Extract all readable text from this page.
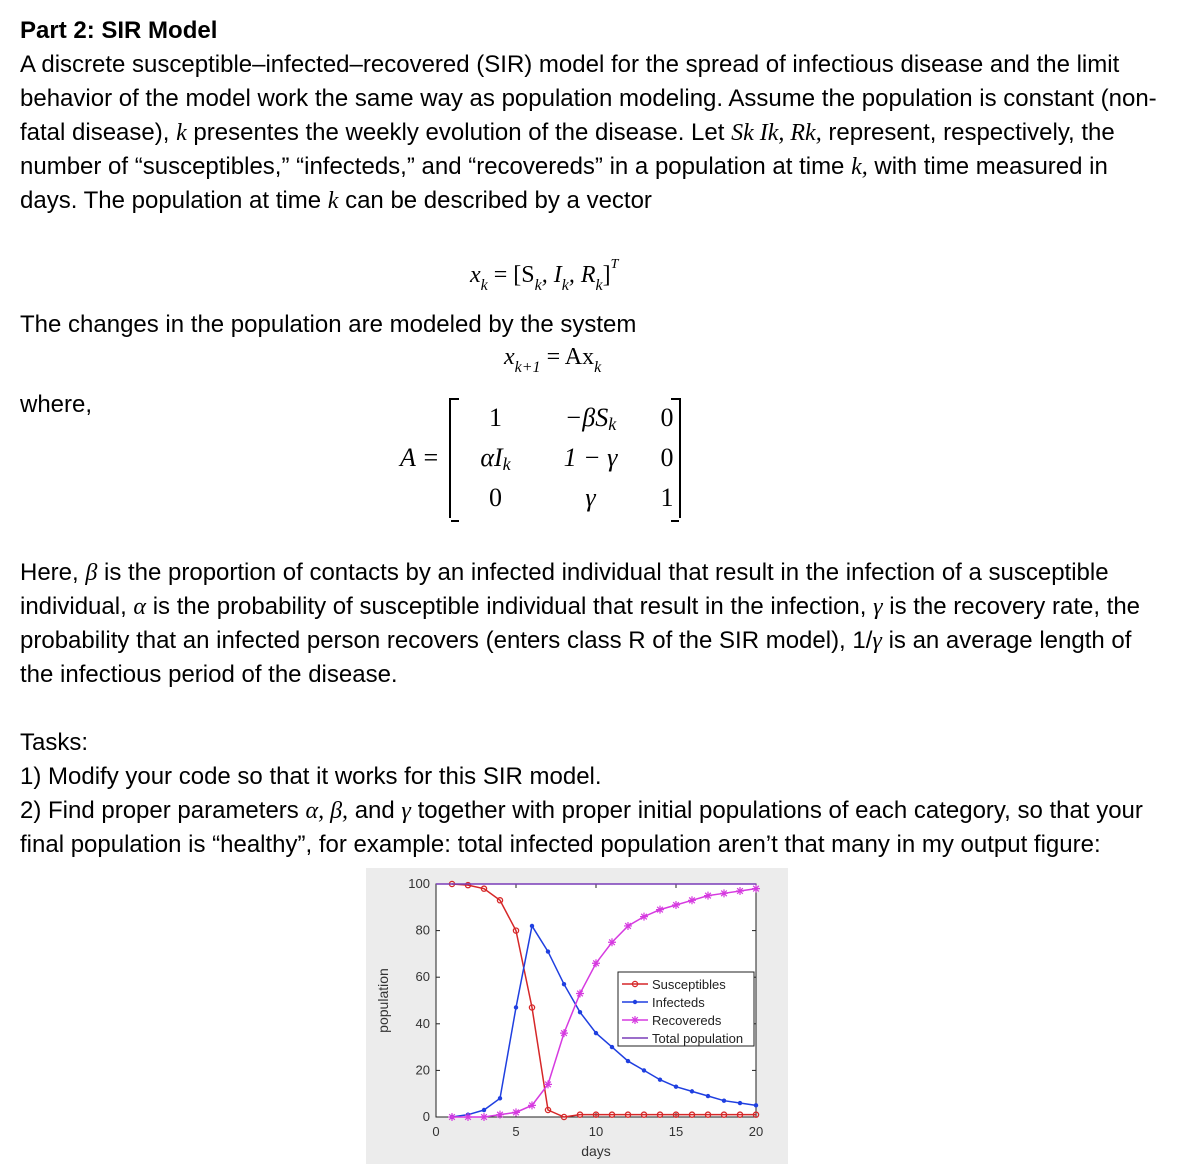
Part 2: SIR Model

A discrete susceptible–infected–recovered (SIR) model for the spread of infectious disease and the limit behavior of the model work the same way as population modeling. Assume the population is constant (non-fatal disease), k presentes the weekly evolution of the disease. Let Sk Ik, Rk, represent, respectively, the number of “susceptibles,” “infecteds,” and “recovereds” in a population at time k, with time measured in days. The population at time k can be described by a vector

$x_k = [S_k$, $I_k$, $R_k]^T$

The changes in the population are modeled by the system

$x_{k+1} = Ax_k$

where,

A =
1	−βS k	0
αI k	1 − γ	0
0	γ	1

Here, β is the proportion of contacts by an infected individual that result in the infection of a susceptible individual, α is the probability of susceptible individual that result in the infection, γ is the recovery rate, the probability that an infected person recovers (enters class R of the SIR model), 1/γ is an average length of the infectious period of the disease.

Tasks:

1) Modify your code so that it works for this SIR model.

2) Find proper parameters α, β, and γ together with proper initial populations of each category, so that your final population is “healthy”, for example: total infected population aren’t that many in my output figure:

0	5	10	15	20
0
20
40
60
80
100
days
population	Susceptibles
Infecteds
Recovereds
Total population
